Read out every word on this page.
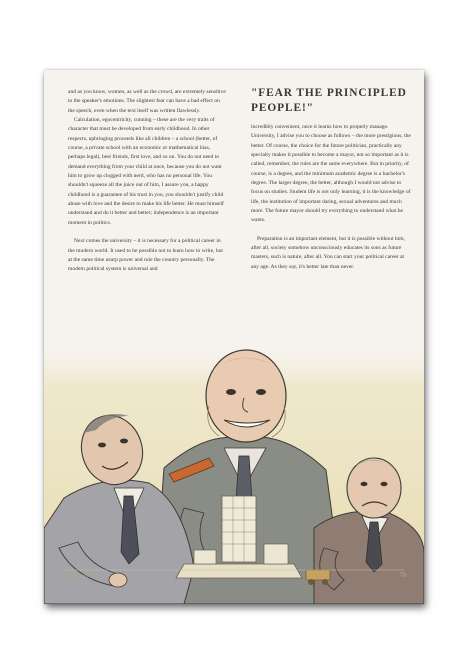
and as you know, women, as well as the crowd, are extremely sensitive to the speaker's emotions. The slightest fear can have a bad effect on the speech, even when the text itself was written flawlessly.

Calculation, egocentricity, cunning – these are the very traits of character that must be developed from early childhood. In other respects, upbringing proceeds like all children – a school (better, of course, a private school with an economic or mathematical bias, perhaps legal), best friends, first love, and so on. You do not need to demand everything from your child at once, because you do not want him to grow up clogged with nerd, who has no personal life. You shouldn't squeeze all the juice out of him, I assure you, a happy childhood is a guarantee of his trust in you, you shouldn't justify child abuse with love and the desire to make his life better. He must himself understand and do it better and better; independence is an important moment in politics.

Next comes the university – it is necessary for a political career in the modern world. It used to be possible not to learn how to write, but at the same time usurp power and rule the country personally. The modern political system is universal and

"FEAR THE PRINCIPLED
PEOPLE!"

incredibly convenient, once it learns how to properly manage. University, I advise you to choose as follows – the more prestigious, the better. Of course, the choice for the future politician, practically any specialty makes it possible to become a mayor, not so important as it is called, remember, the rules are the same everywhere. But in priority, of course, is a degree, and the minimum academic degree is a bachelor's degree. The larger degree, the better, although I would not advise to focus on studies. Student life is not only learning, it is the knowledge of life, the institution of important daring, sexual adventures and much more. The future mayor should try everything to understand what he wants.

Preparation is an important element, but it is possible without him, after all, society somehow unconsciously educates its sons as future masters, such is nature, after all. You can start your political career at any age. As they say, it's better late than never.

ЕРЕМО	79
